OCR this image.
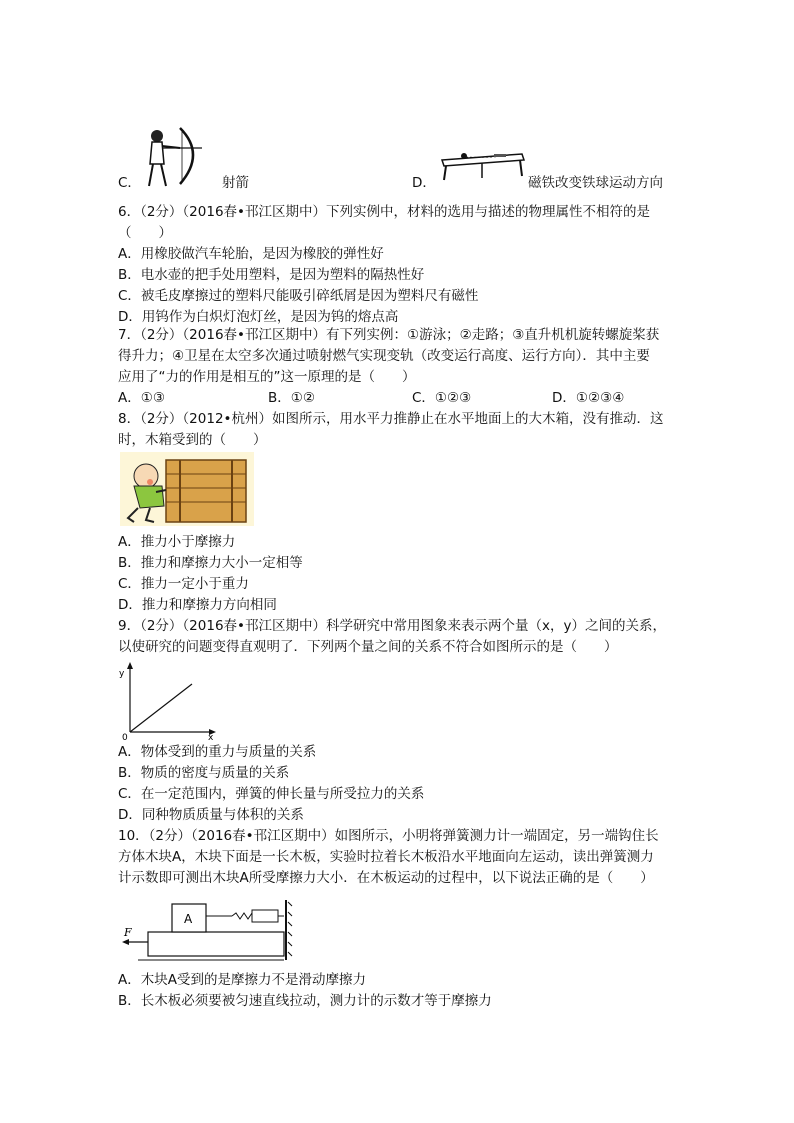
C．	射箭	D．	磁铁改变铁球运动方向
6．（2分）（2016春•邗江区期中）下列实例中，材料的选用与描述的物理属性不相符的是
（　　）
A．用橡胶做汽车轮胎，是因为橡胶的弹性好
B．电水壶的把手处用塑料，是因为塑料的隔热性好
C．被毛皮摩擦过的塑料尺能吸引碎纸屑是因为塑料尺有磁性
D．用钨作为白炽灯泡灯丝，是因为钨的熔点高
7．（2分）（2016春•邗江区期中）有下列实例：①游泳；②走路；③直升机机旋转螺旋桨获
得升力；④卫星在太空多次通过喷射燃气实现变轨（改变运行高度、运行方向）．其中主要
应用了“力的作用是相互的”这一原理的是（　　）
A．①③	B．①②	C．①②③	D．①②③④
8．（2分）（2012•杭州）如图所示，用水平力推静止在水平地面上的大木箱，没有推动．这
时，木箱受到的（　　）
A．推力小于摩擦力
B．推力和摩擦力大小一定相等
C．推力一定小于重力
D．推力和摩擦力方向相同
9．（2分）（2016春•邗江区期中）科学研究中常用图象来表示两个量（x，y）之间的关系，
以使研究的问题变得直观明了．下列两个量之间的关系不符合如图所示的是（　　）
y
0	x
A．物体受到的重力与质量的关系
B．物质的密度与质量的关系
C．在一定范围内，弹簧的伸长量与所受拉力的关系
D．同种物质质量与体积的关系
10．（2分）（2016春•邗江区期中）如图所示，小明将弹簧测力计一端固定，另一端钩住长
方体木块A，木块下面是一长木板，实验时拉着长木板沿水平地面向左运动，读出弹簧测力
计示数即可测出木块A所受摩擦力大小．在木板运动的过程中，以下说法正确的是（　　）
A
F
A．木块A受到的是摩擦力不是滑动摩擦力
B．长木板必须要被匀速直线拉动，测力计的示数才等于摩擦力
